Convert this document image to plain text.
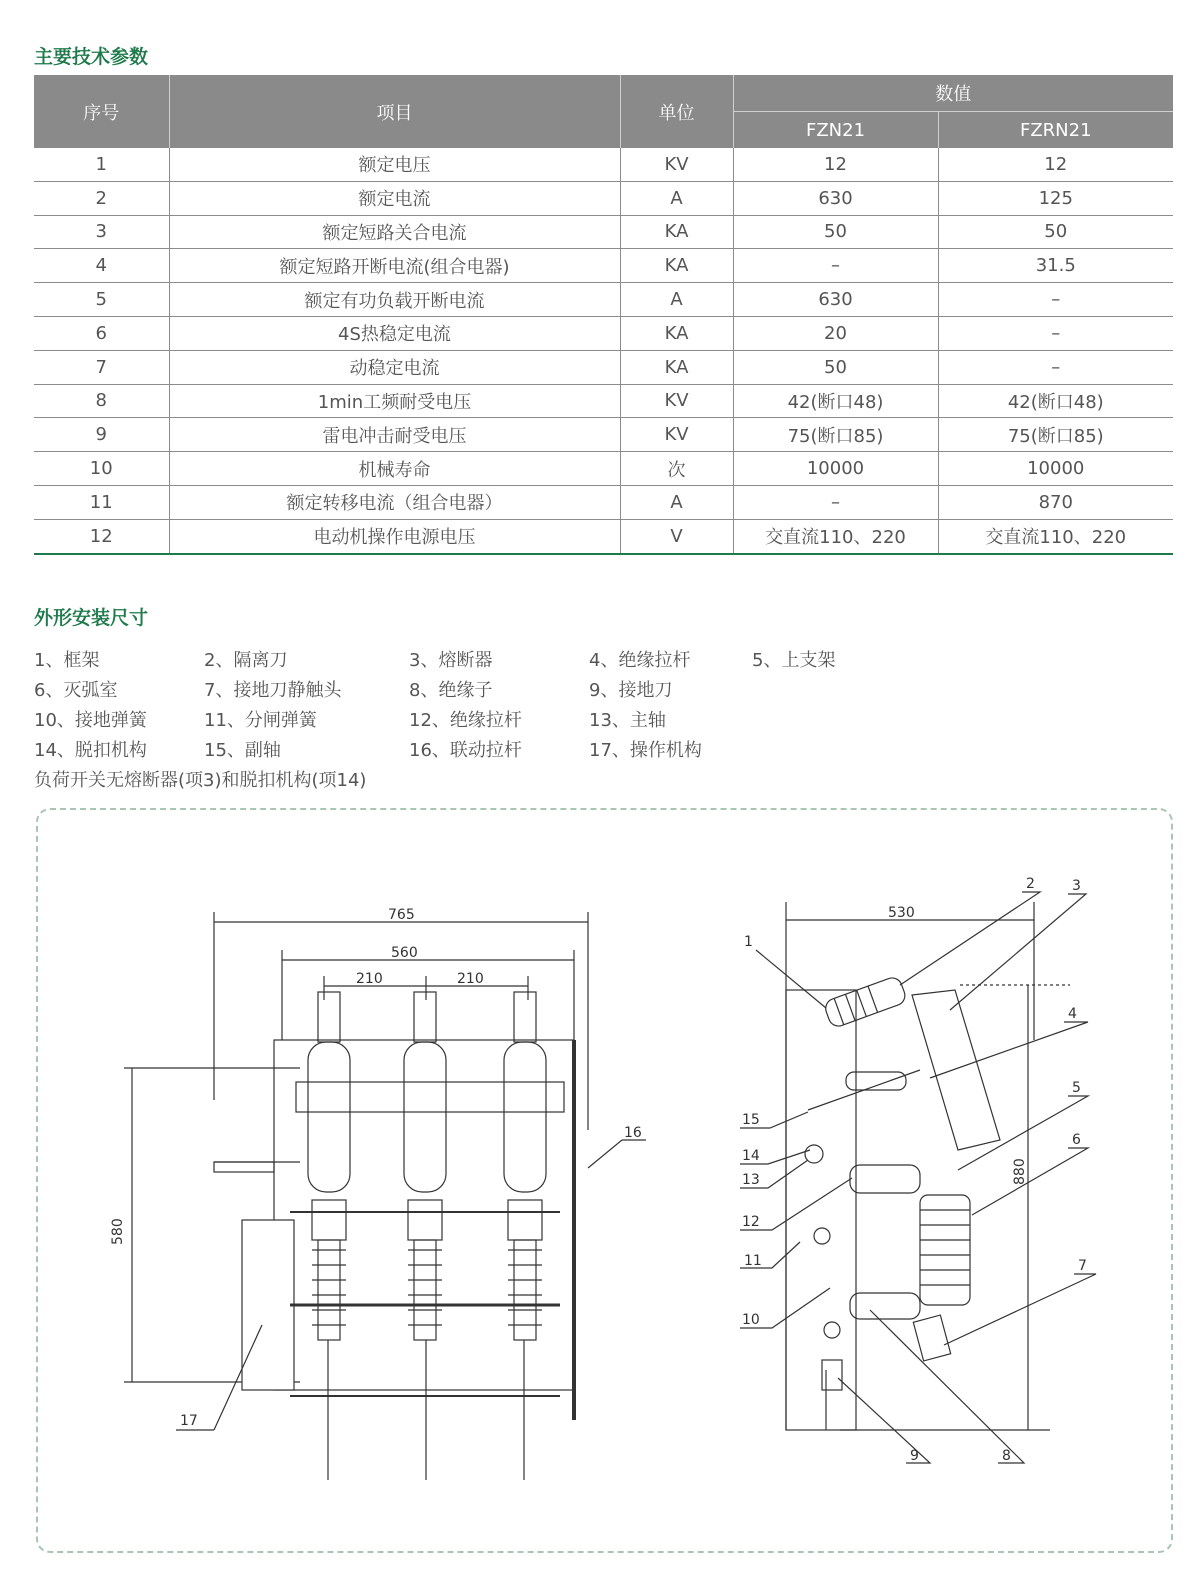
主要技术参数
序号	项目	单位	数值	
			FZN21	FZRN21
1	额定电压	KV	12	12
2	额定电流	A	630	125
3	额定短路关合电流	KA	50	50
4	额定短路开断电流(组合电器)	KA	–	31.5
5	额定有功负载开断电流	A	630	–
6	4S热稳定电流	KA	20	–
7	动稳定电流	KA	50	–
8	1min工频耐受电压	KV	42(断口48)	42(断口48)
9	雷电冲击耐受电压	KV	75(断口85)	75(断口85)
10	机械寿命	次	10000	10000
11	额定转移电流（组合电器）	A	–	870
12	电动机操作电源电压	V	交直流110、220	交直流110、220
外形安装尺寸
1、框架	2、隔离刀	3、熔断器	4、绝缘拉杆	5、上支架
6、灭弧室	7、接地刀静触头	8、绝缘子	9、接地刀
10、接地弹簧	11、分闸弹簧	12、绝缘拉杆	13、主轴
14、脱扣机构	15、副轴	16、联动拉杆	17、操作机构
负荷开关无熔断器(项3)和脱扣机构(项14)
765
560
210	210
580
16
17
530
880
1
2	3
4
5
6
7
8
9
10
11
12
13
14
15
